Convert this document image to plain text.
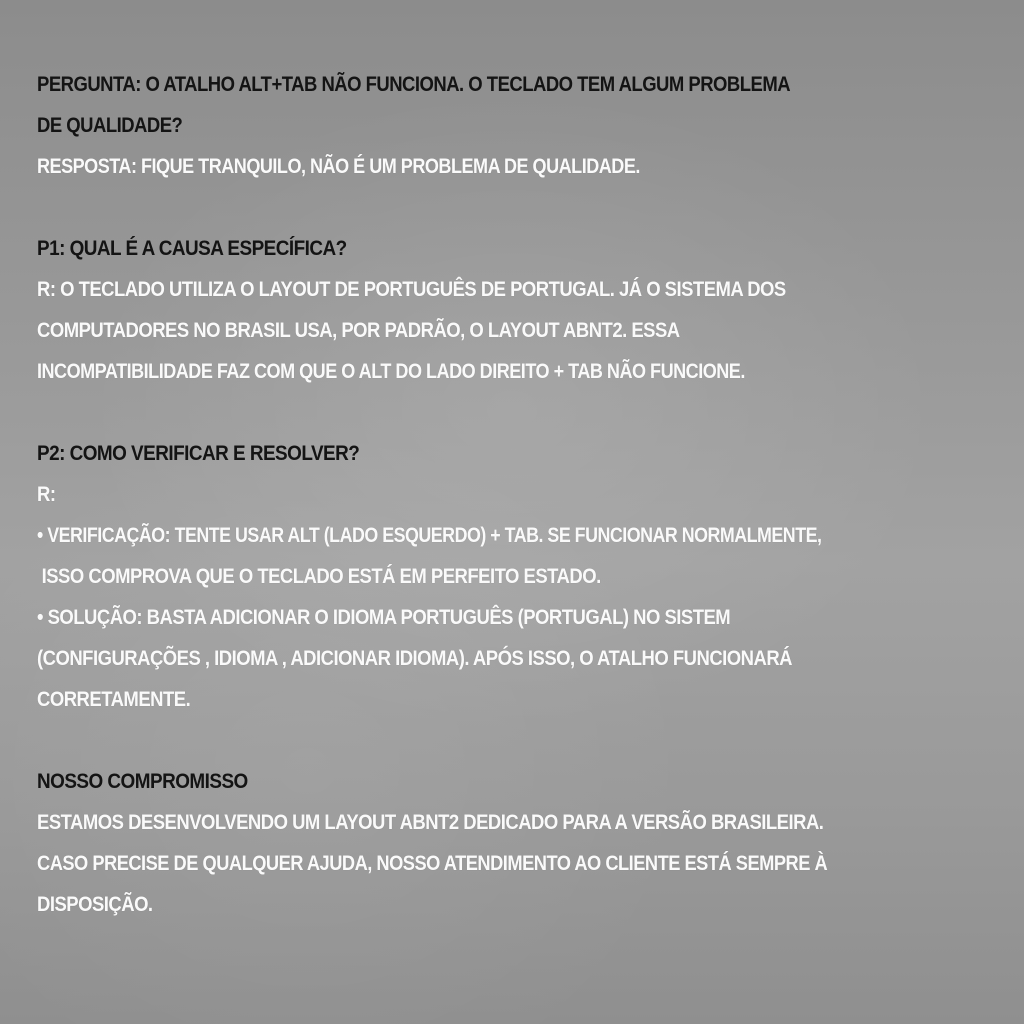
PERGUNTA: O ATALHO ALT+TAB NÃO FUNCIONA. O TECLADO TEM ALGUM PROBLEMA
DE QUALIDADE?
RESPOSTA: FIQUE TRANQUILO, NÃO É UM PROBLEMA DE QUALIDADE.
P1: QUAL É A CAUSA ESPECÍFICA?
R: O TECLADO UTILIZA O LAYOUT DE PORTUGUÊS DE PORTUGAL. JÁ O SISTEMA DOS
COMPUTADORES NO BRASIL USA, POR PADRÃO, O LAYOUT ABNT2. ESSA
INCOMPATIBILIDADE FAZ COM QUE O ALT DO LADO DIREITO + TAB NÃO FUNCIONE.
P2: COMO VERIFICAR E RESOLVER?
R:
• VERIFICAÇÃO: TENTE USAR ALT (LADO ESQUERDO) + TAB. SE FUNCIONAR NORMALMENTE,
ISSO COMPROVA QUE O TECLADO ESTÁ EM PERFEITO ESTADO.
• SOLUÇÃO: BASTA ADICIONAR O IDIOMA PORTUGUÊS (PORTUGAL) NO SISTEM
(CONFIGURAÇÕES , IDIOMA , ADICIONAR IDIOMA). APÓS ISSO, O ATALHO FUNCIONARÁ
CORRETAMENTE.
NOSSO COMPROMISSO
ESTAMOS DESENVOLVENDO UM LAYOUT ABNT2 DEDICADO PARA A VERSÃO BRASILEIRA.
CASO PRECISE DE QUALQUER AJUDA, NOSSO ATENDIMENTO AO CLIENTE ESTÁ SEMPRE À
DISPOSIÇÃO.
